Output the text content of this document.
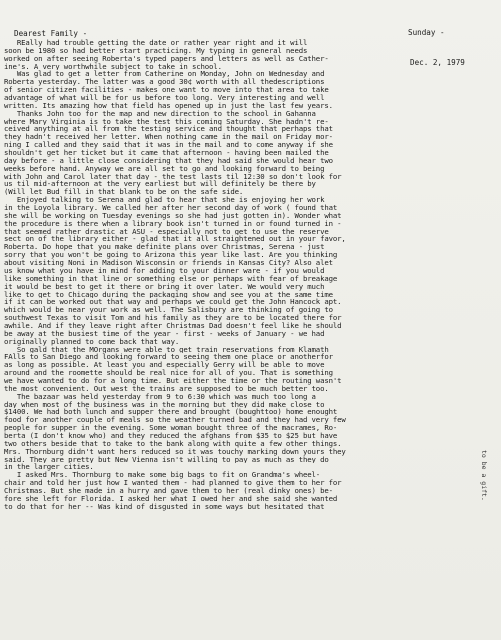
Sunday -

Dec. 2, 1979

Dearest Family -
REally had trouble getting the date or rather year right and it will
soon be 1980 so had better start practicing. My typing in general needs
worked on after seeing Roberta's typed papers and letters as well as Cather-
ine's. A very worthwhile subject to take in school.
Was glad to get a letter from Catherine on Monday, John on Wednesday and
Roberta yesterday. The latter was a good 30¢ worth with all thedescriptions
of senior citizen facilities - makes one want to move into that area to take
advantage of what will be for us before too long. Very interesting and well
written. Its amazing how that field has opened up in just the last few years.
Thanks John too for the map and new direction to the school in Gahanna
where Mary Virginia is to take the test this coming Saturday. She hadn't re-
ceived anything at all from the testing service and thought that perhaps that
they hadn't received her letter. When nothing came in the mail on Friday mor-
ning I called and they said that it was in the mail and to come anyway if she
shouldn't get her ticket but it came that afternoon - having been mailed the
day before - a little close considering that they had said she would hear two
weeks before hand. Anyway we are all set to go and looking forward to being
with John and Carol later that day - the test lasts til 12:30 so don't look for
us til mid-afternoon at the very earliest but will definitely be there by
(Will let Bud fill in that blank to be on the safe side.
Enjoyed talking to Serena and glad to hear that she is enjoying her work
in the Loyola library. We called her after her second day of work ( found that
she will be working on Tuesday evenings so she had just gotten in). Wonder what
the procedure is there when a library book isn't turned in or found turned in -
that seemed rather drastic at ASU - especially not to get to use the reserve
sect on of the library either - glad that it all straightened out in your favor,
Roberta. Do hope that you make definite plans over Christmas, Serena - just
sorry that you won't be going to Arizona this year like last. Are you thinking
about visiting Noni in Madison Wisconsin or friends in Kansas City? Also alet
us know what you have in mind for adding to your dinner ware - if you would
like something in that line or something else or perhaps with fear of breakage
it would be best to get it there or bring it over later. We would very much
like to get to Chicago during the packaging show and see you at the same time
if it can be worked out that way and perhaps we could get the John Hancock apt.
which would be near your work as well. The Salisbury are thinking of going to
southwest Texas to visit Tom and his family as they are to be located there for
awhile. And if they leave right after Christmas Dad doesn't feel like he should
be away at the busiest time of the year - first - weeks of January - we had
originally planned to come back that way.
So gald that the MOrgans were able to get train reservations from Klamath
FAlls to San Diego and looking forward to seeing them one place or anotherfor
as long as possible. At least you and especially Gerry will be able to move
around and the roomette should be real nice for all of you. That is something
we have wanted to do for a long time. But either the time or the routing wasn't
the most convenient. Out west the trains are supposed to be much better too.
The bazaar was held yesterday from 9 to 6:30 which was much too long a
day when most of the business was in the morning but they did make close to
$1400. We had both lunch and supper there and brought (boughttoo) home enought
food for another couple of meals so the weather turned bad and they had very few
people for supper in the evening. Some woman bought three of the macrames, Ro-
berta (I don't know who) and they reduced the afghans from $35 to $25 but have
two others beside that to take to the bank along with quite a few other things.
Mrs. Thornburg didn't want hers reduced so it was touchy marking down yours they
said. They are pretty but New Vienna isn't willing to pay as much as they do
in the larger cities.
I asked Mrs. Thornburg to make some big bags to fit on Grandma's wheel-
chair and told her just how I wanted them - had planned to give them to her for
Christmas. But she made in a hurry and gave them to her (real dinky ones) be-
fore she left for Florida. I asked her what I owed her and she said she wanted
to do that for her -- Was kind of disgusted in some ways but hesitated that
to be a gift.
